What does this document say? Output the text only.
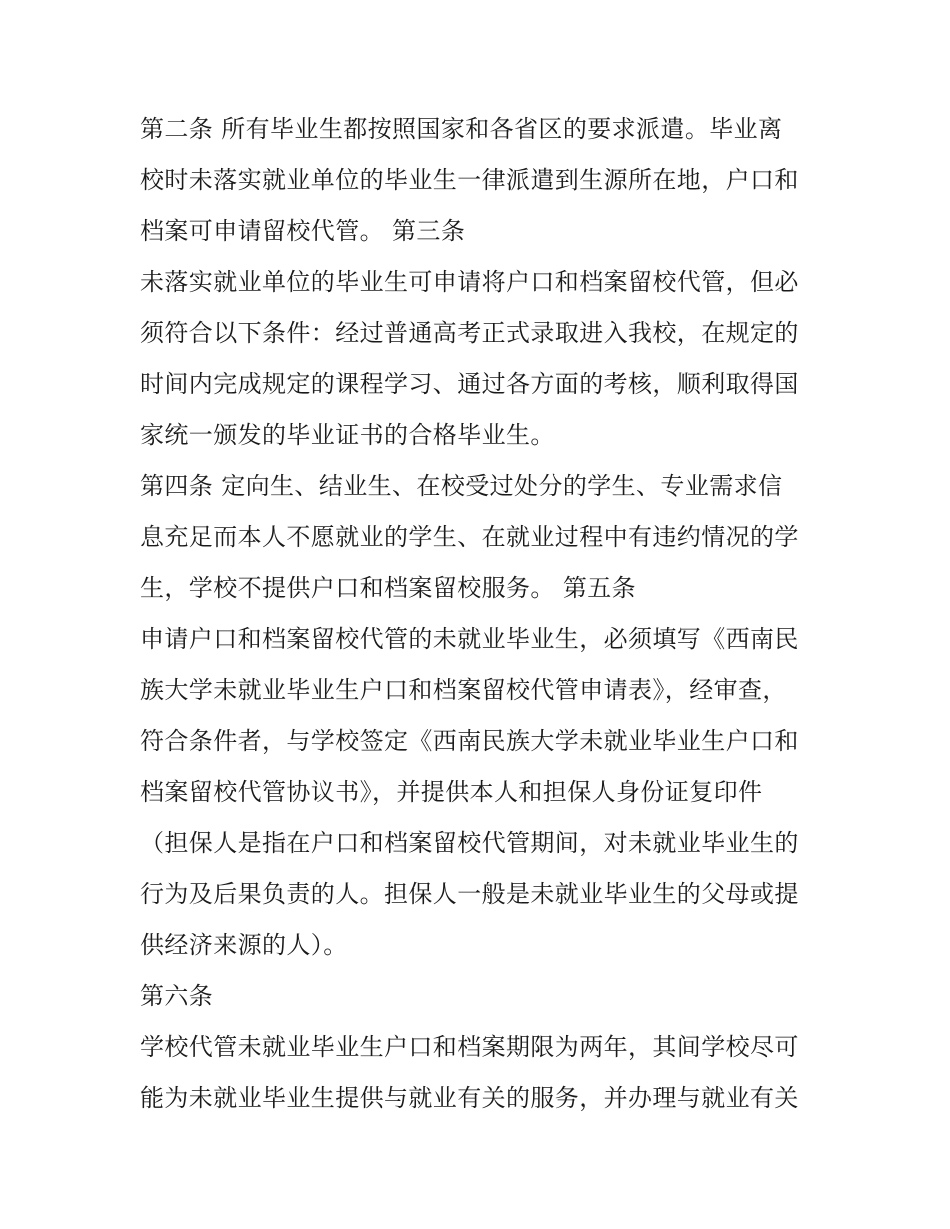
第二条 所有毕业生都按照国家和各省区的要求派遣。毕业离
校时未落实就业单位的毕业生一律派遣到生源所在地，户口和
档案可申请留校代管。 第三条
未落实就业单位的毕业生可申请将户口和档案留校代管，但必
须符合以下条件：经过普通高考正式录取进入我校，在规定的
时间内完成规定的课程学习、通过各方面的考核，顺利取得国
家统一颁发的毕业证书的合格毕业生。
第四条 定向生、结业生、在校受过处分的学生、专业需求信
息充足而本人不愿就业的学生、在就业过程中有违约情况的学
生，学校不提供户口和档案留校服务。 第五条
申请户口和档案留校代管的未就业毕业生，必须填写《西南民
族大学未就业毕业生户口和档案留校代管申请表》，经审查，
符合条件者，与学校签定《西南民族大学未就业毕业生户口和
档案留校代管协议书》，并提供本人和担保人身份证复印件
（担保人是指在户口和档案留校代管期间，对未就业毕业生的
行为及后果负责的人。担保人一般是未就业毕业生的父母或提
供经济来源的人）。
第六条
学校代管未就业毕业生户口和档案期限为两年，其间学校尽可
能为未就业毕业生提供与就业有关的服务，并办理与就业有关
